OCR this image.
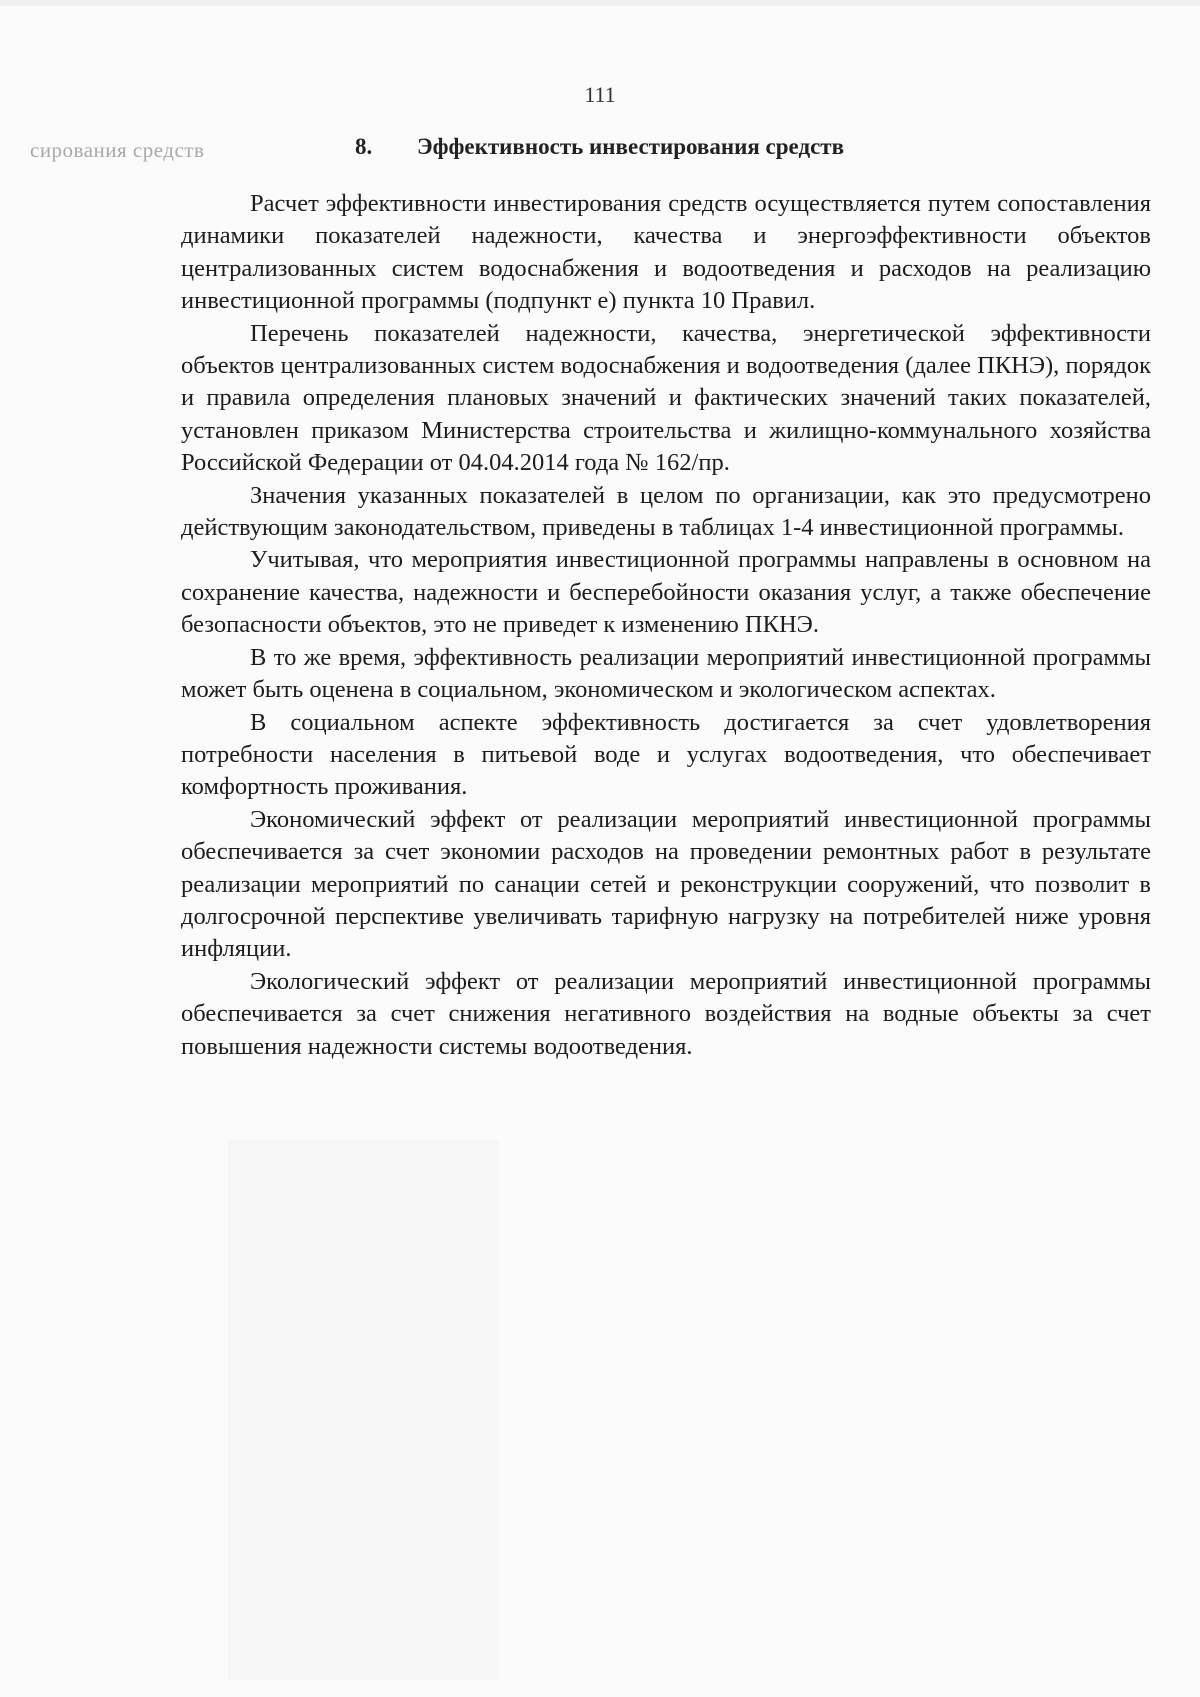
111
сирования средств	8. Эффективность инвестирования средств

Расчет эффективности инвестирования средств осуществляется путем сопоставления динамики показателей надежности, качества и энергоэффективности объектов централизованных систем водоснабжения и водоотведения и расходов на реализацию инвестиционной программы (подпункт е) пункта 10 Правил.

Перечень показателей надежности, качества, энергетической эффективности объектов централизованных систем водоснабжения и водоотведения (далее ПКНЭ), порядок и правила определения плановых значений и фактических значений таких показателей, установлен приказом Министерства строительства и жилищно-коммунального хозяйства Российской Федерации от 04.04.2014 года № 162/пр.

Значения указанных показателей в целом по организации, как это предусмотрено действующим законодательством, приведены в таблицах 1-4 инвестиционной программы.

Учитывая, что мероприятия инвестиционной программы направлены в основном на сохранение качества, надежности и бесперебойности оказания услуг, а также обеспечение безопасности объектов, это не приведет к изменению ПКНЭ.

В то же время, эффективность реализации мероприятий инвестиционной программы может быть оценена в социальном, экономическом и экологическом аспектах.

В социальном аспекте эффективность достигается за счет удовлетворения потребности населения в питьевой воде и услугах водоотведения, что обеспечивает комфортность проживания.

Экономический эффект от реализации мероприятий инвестиционной программы обеспечивается за счет экономии расходов на проведении ремонтных работ в результате реализации мероприятий по санации сетей и реконструкции сооружений, что позволит в долгосрочной перспективе увеличивать тарифную нагрузку на потребителей ниже уровня инфляции.

Экологический эффект от реализации мероприятий инвестиционной программы обеспечивается за счет снижения негативного воздействия на водные объекты за счет повышения надежности системы водоотведения.
